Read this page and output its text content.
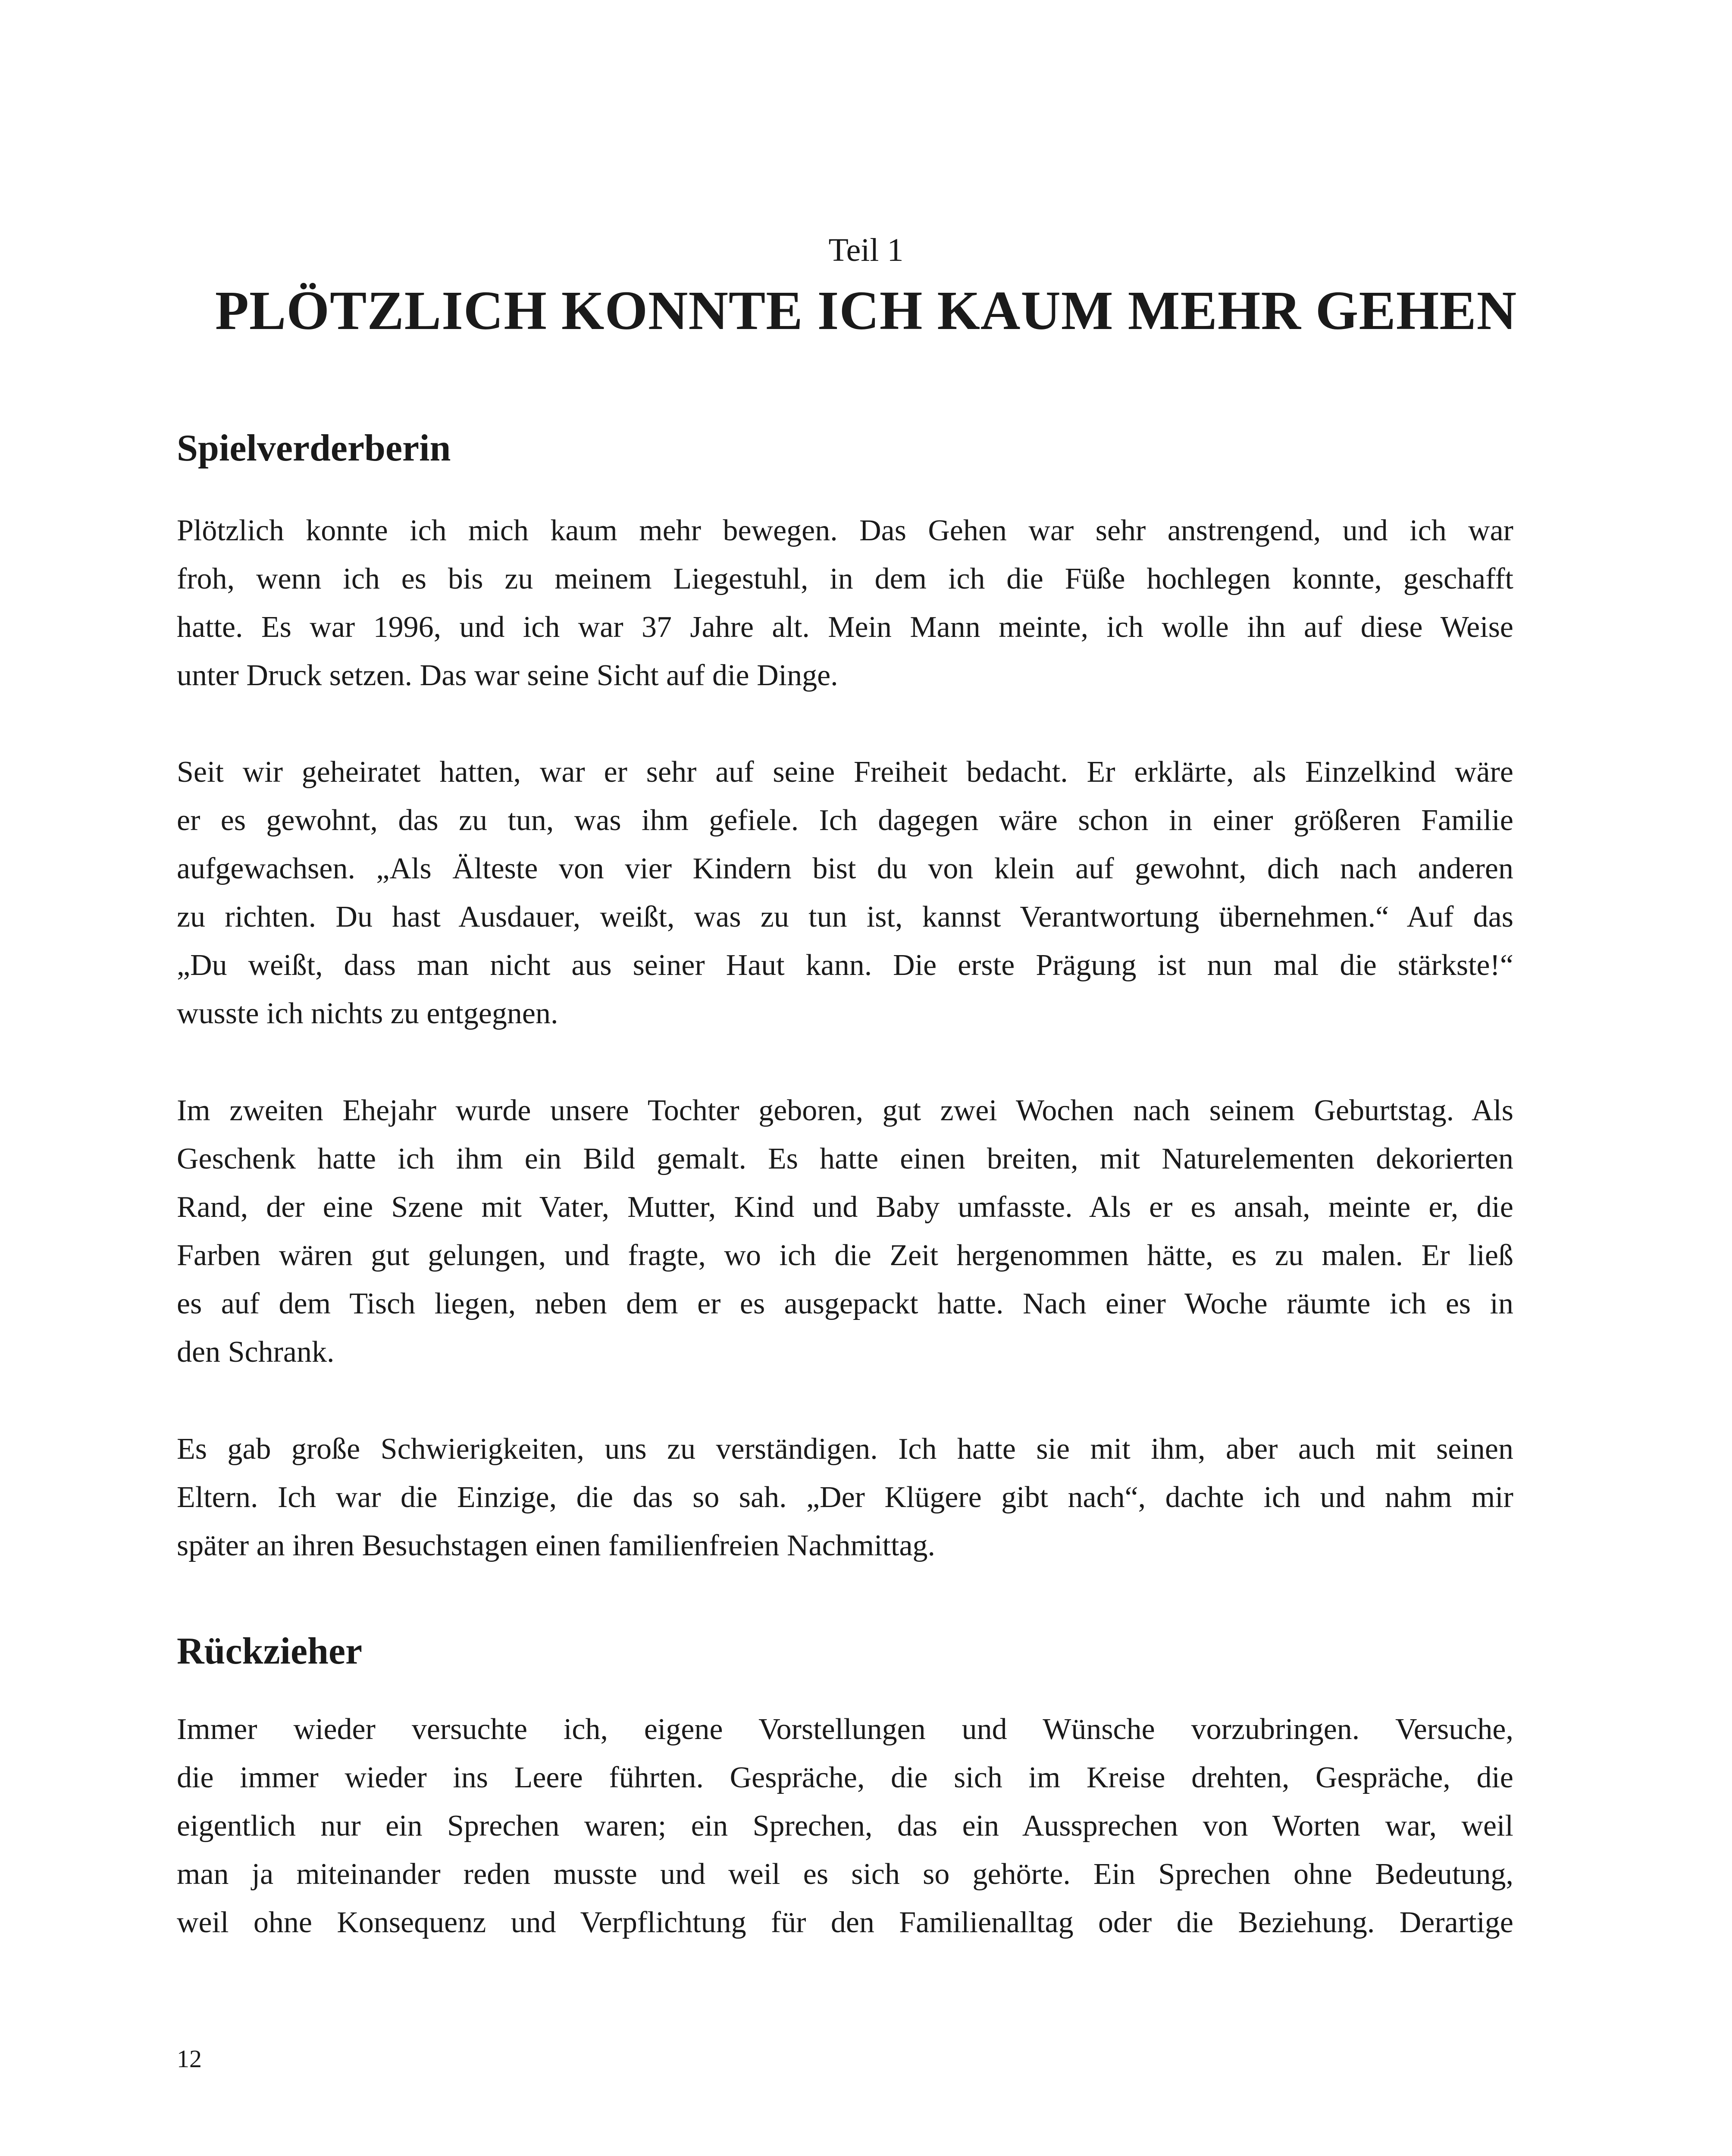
Teil 1
PLÖTZLICH KONNTE ICH KAUM MEHR GEHEN
Spielverderberin
Plötzlich konnte ich mich kaum mehr bewegen. Das Gehen war sehr anstrengend, und ich war
froh, wenn ich es bis zu meinem Liegestuhl, in dem ich die Füße hochlegen konnte, geschafft
hatte. Es war 1996, und ich war 37 Jahre alt. Mein Mann meinte, ich wolle ihn auf diese Weise
unter Druck setzen. Das war seine Sicht auf die Dinge.
Seit wir geheiratet hatten, war er sehr auf seine Freiheit bedacht. Er erklärte, als Einzelkind wäre
er es gewohnt, das zu tun, was ihm gefiele. Ich dagegen wäre schon in einer größeren Familie
aufgewachsen. „Als Älteste von vier Kindern bist du von klein auf gewohnt, dich nach anderen
zu richten. Du hast Ausdauer, weißt, was zu tun ist, kannst Verantwortung übernehmen.“ Auf das
„Du weißt, dass man nicht aus seiner Haut kann. Die erste Prägung ist nun mal die stärkste!“
wusste ich nichts zu entgegnen.
Im zweiten Ehejahr wurde unsere Tochter geboren, gut zwei Wochen nach seinem Geburtstag. Als
Geschenk hatte ich ihm ein Bild gemalt. Es hatte einen breiten, mit Naturelementen dekorierten
Rand, der eine Szene mit Vater, Mutter, Kind und Baby umfasste. Als er es ansah, meinte er, die
Farben wären gut gelungen, und fragte, wo ich die Zeit hergenommen hätte, es zu malen. Er ließ
es auf dem Tisch liegen, neben dem er es ausgepackt hatte. Nach einer Woche räumte ich es in
den Schrank.
Es gab große Schwierigkeiten, uns zu verständigen. Ich hatte sie mit ihm, aber auch mit seinen
Eltern. Ich war die Einzige, die das so sah. „Der Klügere gibt nach“, dachte ich und nahm mir
später an ihren Besuchstagen einen familienfreien Nachmittag.
Rückzieher
Immer wieder versuchte ich, eigene Vorstellungen und Wünsche vorzubringen. Versuche,
die immer wieder ins Leere führten. Gespräche, die sich im Kreise drehten, Gespräche, die
eigentlich nur ein Sprechen waren; ein Sprechen, das ein Aussprechen von Worten war, weil
man ja miteinander reden musste und weil es sich so gehörte. Ein Sprechen ohne Bedeutung,
weil ohne Konsequenz und Verpflichtung für den Familienalltag oder die Beziehung. Derartige
12
